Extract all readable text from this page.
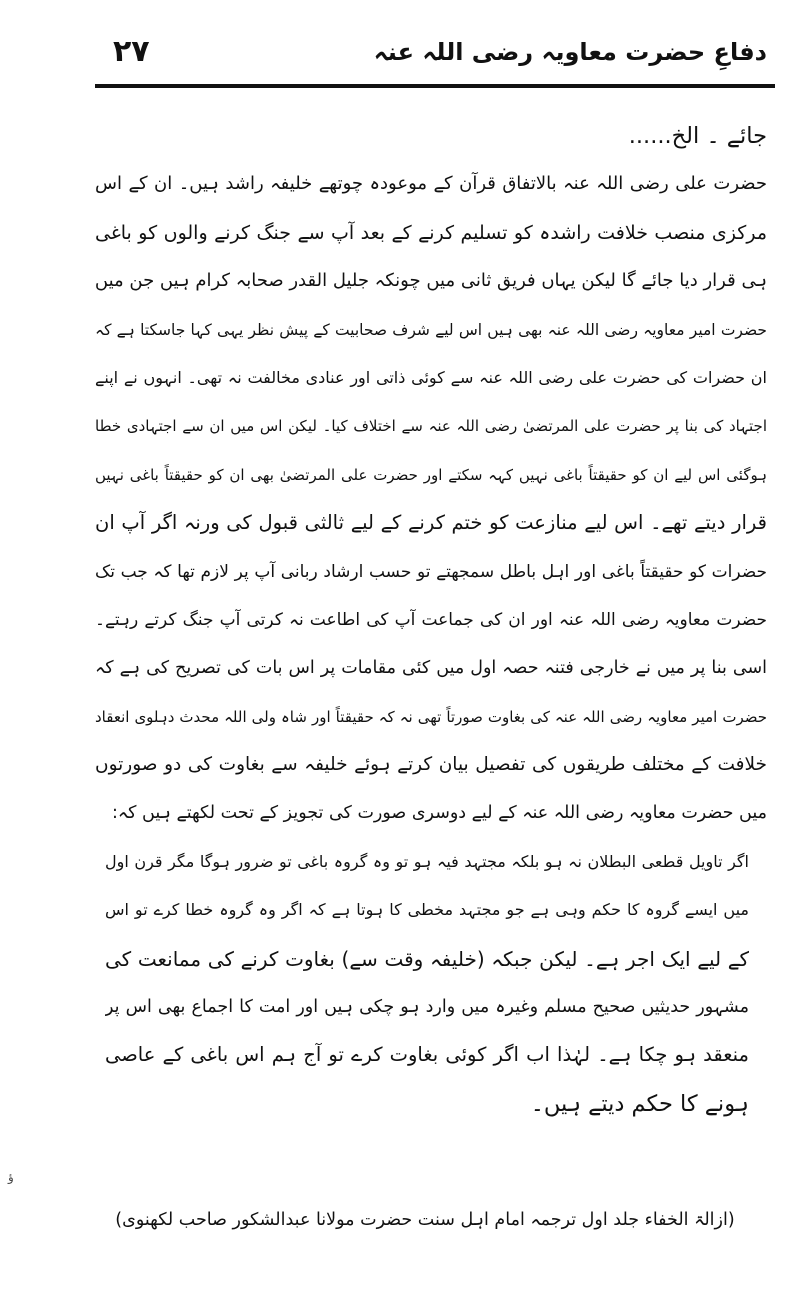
۲۷	دفاعِ حضرت معاویہ رضی اللہ عنہ
جائے ۔ الخ......
حضرت علی رضی اللہ عنہ بالاتفاق قرآن کے موعودہ چوتھے خلیفہ راشد ہیں۔ ان کے اس
مرکزی منصب خلافت راشدہ کو تسلیم کرنے کے بعد آپ سے جنگ کرنے والوں کو باغی
ہی قرار دیا جائے گا لیکن یہاں فریق ثانی میں چونکہ جلیل القدر صحابہ کرام ہیں جن میں
حضرت امیر معاویہ رضی اللہ عنہ بھی ہیں اس لیے شرف صحابیت کے پیش نظر یہی کہا جاسکتا ہے کہ
ان حضرات کی حضرت علی رضی اللہ عنہ سے کوئی ذاتی اور عنادی مخالفت نہ تھی۔ انہوں نے اپنے
اجتہاد کی بنا پر حضرت علی المرتضیٰ رضی اللہ عنہ سے اختلاف کیا۔ لیکن اس میں ان سے اجتہادی خطا
ہوگئی اس لیے ان کو حقیقتاً باغی نہیں کہہ سکتے اور حضرت علی المرتضیٰ بھی ان کو حقیقتاً باغی نہیں
قرار دیتے تھے۔ اس لیے منازعت کو ختم کرنے کے لیے ثالثی قبول کی ورنہ اگر آپ ان
حضرات کو حقیقتاً باغی اور اہل باطل سمجھتے تو حسب ارشاد ربانی آپ پر لازم تھا کہ جب تک
حضرت معاویہ رضی اللہ عنہ اور ان کی جماعت آپ کی اطاعت نہ کرتی آپ جنگ کرتے رہتے۔
اسی بنا پر میں نے خارجی فتنہ حصہ اول میں کئی مقامات پر اس بات کی تصریح کی ہے کہ
حضرت امیر معاویہ رضی اللہ عنہ کی بغاوت صورتاً تھی نہ کہ حقیقتاً اور شاہ ولی اللہ محدث دہلوی انعقاد
خلافت کے مختلف طریقوں کی تفصیل بیان کرتے ہوئے خلیفہ سے بغاوت کی دو صورتوں
میں حضرت معاویہ رضی اللہ عنہ کے لیے دوسری صورت کی تجویز کے تحت لکھتے ہیں کہ:
اگر تاویل قطعی البطلان نہ ہو بلکہ مجتہد فیہ ہو تو وہ گروہ باغی تو ضرور ہوگا مگر قرن اول
میں ایسے گروہ کا حکم وہی ہے جو مجتہد مخطی کا ہوتا ہے کہ اگر وہ گروہ خطا کرے تو اس
کے لیے ایک اجر ہے۔ لیکن جبکہ (خلیفہ وقت سے) بغاوت کرنے کی ممانعت کی
مشہور حدیثیں صحیح مسلم وغیرہ میں وارد ہو چکی ہیں اور امت کا اجماع بھی اس پر
منعقد ہو چکا ہے۔ لہٰذا اب اگر کوئی بغاوت کرے تو آج ہم اس باغی کے عاصی
ہونے کا حکم دیتے ہیں۔
ؤ
(ازالۃ الخفاء جلد اول ترجمہ امام اہل سنت حضرت مولانا عبدالشکور صاحب لکھنوی)
